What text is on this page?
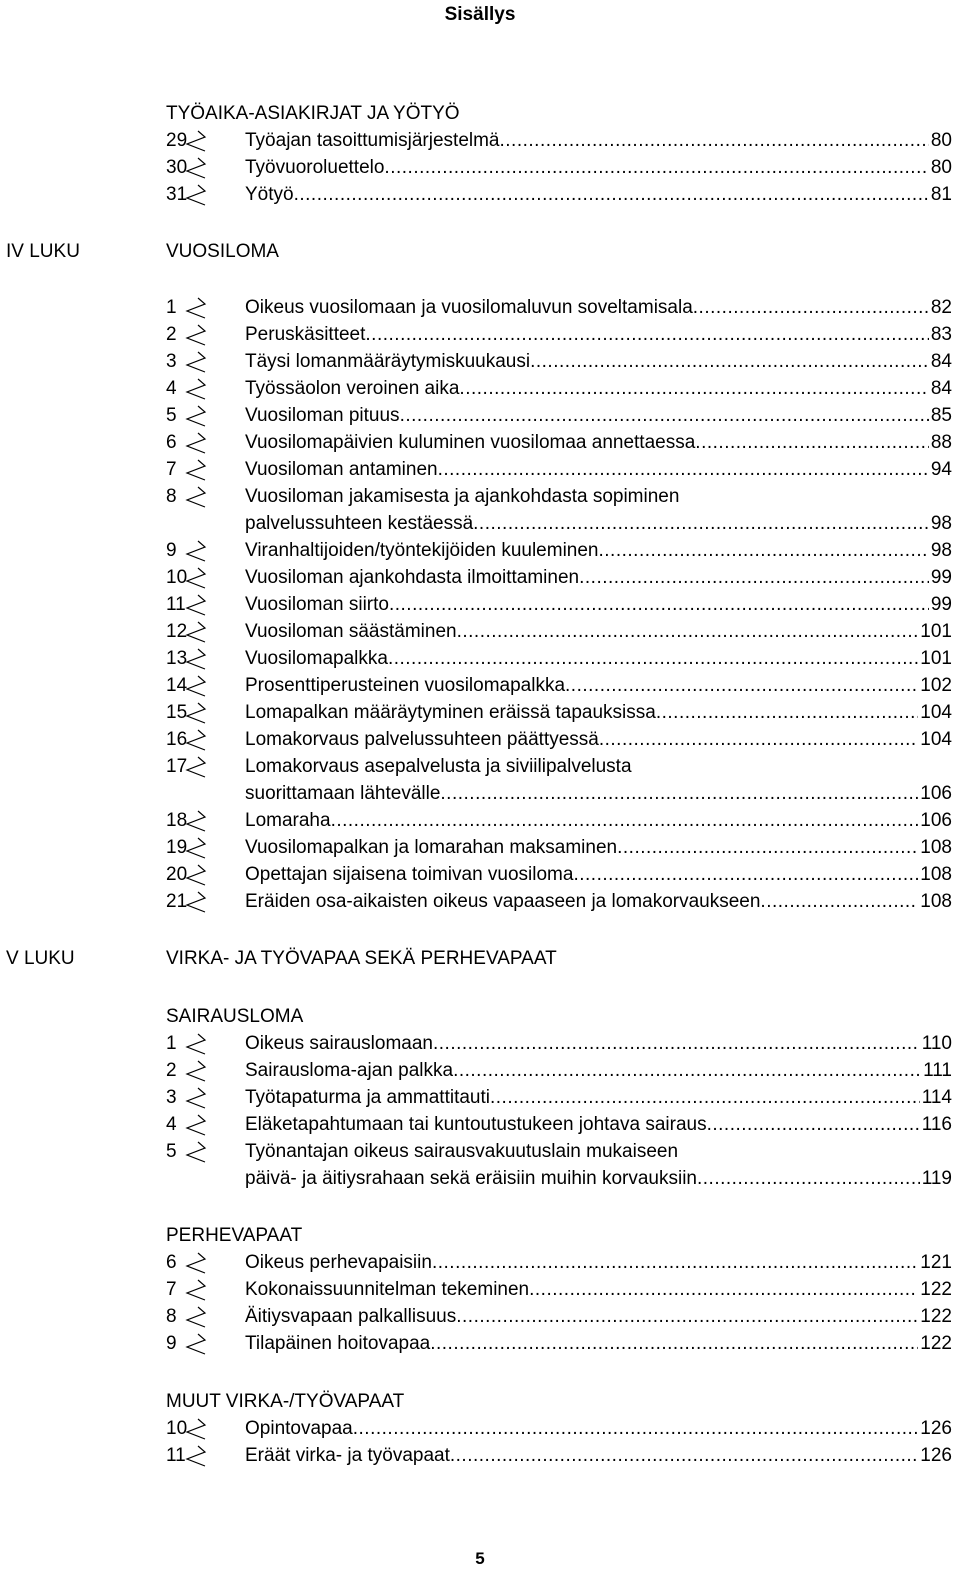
Sisällys
TYÖAIKA-ASIAKIRJAT JA YÖTYÖ
29	Työajan tasoittumisjärjestelmä .....	80
30	Työvuoroluettelo .....	80
31	Yötyö .....	81
IV LUKU	VUOSILOMA
1	Oikeus vuosilomaan ja vuosilomaluvun soveltamisala .....	82
2	Peruskäsitteet .....	83
3	Täysi lomanmääräytymiskuukausi .....	84
4	Työssäolon veroinen aika .....	84
5	Vuosiloman pituus .....	85
6	Vuosilomapäivien kuluminen vuosilomaa annettaessa .....	88
7	Vuosiloman antaminen .....	94
8	Vuosiloman jakamisesta ja ajankohdasta sopiminen
palvelussuhteen kestäessä .....	98
9	Viranhaltijoiden/työntekijöiden kuuleminen .....	98
10	Vuosiloman ajankohdasta ilmoittaminen .....	99
11	Vuosiloman siirto .....	99
12	Vuosiloman säästäminen .....	101
13	Vuosilomapalkka .....	101
14	Prosenttiperusteinen vuosilomapalkka .....	102
15	Lomapalkan määräytyminen eräissä tapauksissa .....	104
16	Lomakorvaus palvelussuhteen päättyessä .....	104
17	Lomakorvaus asepalvelusta ja siviilipalvelusta
suorittamaan lähtevälle .....	106
18	Lomaraha .....	106
19	Vuosilomapalkan ja lomarahan maksaminen .....	108
20	Opettajan sijaisena toimivan vuosiloma .....	108
21	Eräiden osa-aikaisten oikeus vapaaseen ja lomakorvaukseen .....	108
V LUKU	VIRKA- JA TYÖVAPAA SEKÄ PERHEVAPAAT
SAIRAUSLOMA
1	Oikeus sairauslomaan .....	110
2	Sairausloma-ajan palkka .....	111
3	Työtapaturma ja ammattitauti .....	114
4	Eläketapahtumaan tai kuntoutustukeen johtava sairaus .....	116
5	Työnantajan oikeus sairausvakuutuslain mukaiseen
päivä- ja äitiysrahaan sekä eräisiin muihin korvauksiin .....	119
PERHEVAPAAT
6	Oikeus perhevapaisiin .....	121
7	Kokonaissuunnitelman tekeminen .....	122
8	Äitiysvapaan palkallisuus .....	122
9	Tilapäinen hoitovapaa .....	122
MUUT VIRKA-/TYÖVAPAAT
10	Opintovapaa .....	126
11	Eräät virka- ja työvapaat .....	126
5
